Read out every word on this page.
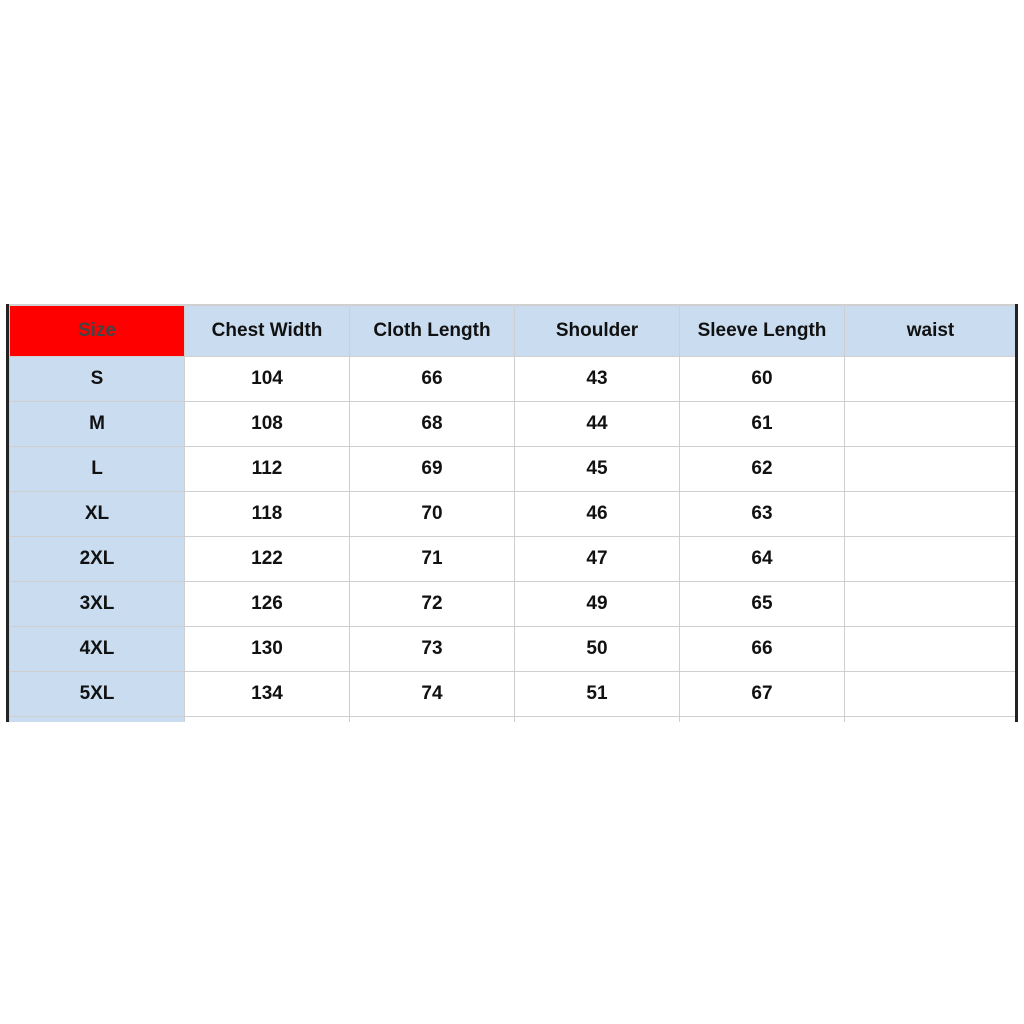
Size	Chest Width	Cloth Length	Shoulder	Sleeve Length	waist
S	104	66	43	60	
M	108	68	44	61	
L	112	69	45	62	
XL	118	70	46	63	
2XL	122	71	47	64	
3XL	126	72	49	65	
4XL	130	73	50	66	
5XL	134	74	51	67	
